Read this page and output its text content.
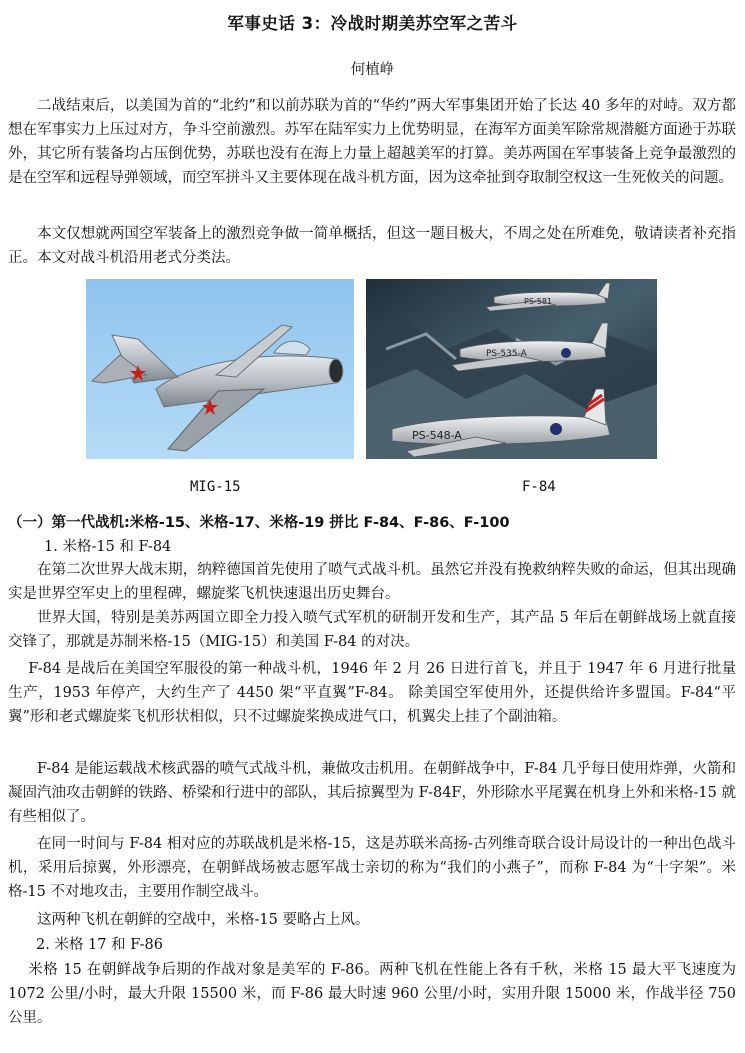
军事史话 3：冷战时期美苏空军之苦斗
何植峥

二战结束后，以美国为首的“北约”和以前苏联为首的“华约”两大军事集团开始了长达 40 多年的对峙。双方都想在军事实力上压过对方，争斗空前激烈。苏军在陆军实力上优势明显，在海军方面美军除常规潜艇方面逊于苏联外，其它所有装备均占压倒优势，苏联也没有在海上力量上超越美军的打算。美苏两国在军事装备上竞争最激烈的是在空军和远程导弹领域，而空军拼斗又主要体现在战斗机方面，因为这牵扯到夺取制空权这一生死攸关的问题。

本文仅想就两国空军装备上的激烈竞争做一简单概括，但这一题目极大，不周之处在所难免，敬请读者补充指正。本文对战斗机沿用老式分类法。

PS-581
PS-535-A
PS-548-A
MIG-15	F-84
（一）第一代战机:米格-15、米格-17、米格-19 拼比 F-84、F-86、F-100
1. 米格-15 和 F-84

在第二次世界大战末期，纳粹德国首先使用了喷气式战斗机。虽然它并没有挽救纳粹失败的命运，但其出现确实是世界空军史上的里程碑，螺旋桨飞机快速退出历史舞台。

世界大国，特别是美苏两国立即全力投入喷气式军机的研制开发和生产，其产品 5 年后在朝鲜战场上就直接交锋了，那就是苏制米格-15（MIG-15）和美国 F-84 的对决。

F-84 是战后在美国空军服役的第一种战斗机，1946 年 2 月 26 日进行首飞，并且于 1947 年 6 月进行批量生产，1953 年停产，大约生产了 4450 架“平直翼”F-84。 除美国空军使用外，还提供给许多盟国。F-84“平翼”形和老式螺旋桨飞机形状相似，只不过螺旋桨换成进气口，机翼尖上挂了个副油箱。

F-84 是能运载战术核武器的喷气式战斗机，兼做攻击机用。在朝鲜战争中，F-84 几乎每日使用炸弹，火箭和凝固汽油攻击朝鲜的铁路、桥梁和行进中的部队，其后掠翼型为 F-84F，外形除水平尾翼在机身上外和米格-15 就有些相似了。

在同一时间与 F-84 相对应的苏联战机是米格-15，这是苏联米高扬-古列维奇联合设计局设计的一种出色战斗机，采用后掠翼，外形漂亮，在朝鲜战场被志愿军战士亲切的称为“我们的小燕子”，而称 F-84 为“十字架”。米格-15 不对地攻击，主要用作制空战斗。

这两种飞机在朝鲜的空战中，米格-15 要略占上风。

2. 米格 17 和 F-86

米格 15 在朝鲜战争后期的作战对象是美军的 F-86。两种飞机在性能上各有千秋，米格 15 最大平飞速度为 1072 公里/小时，最大升限 15500 米，而 F-86 最大时速 960 公里/小时，实用升限 15000 米，作战半径 750 公里。
